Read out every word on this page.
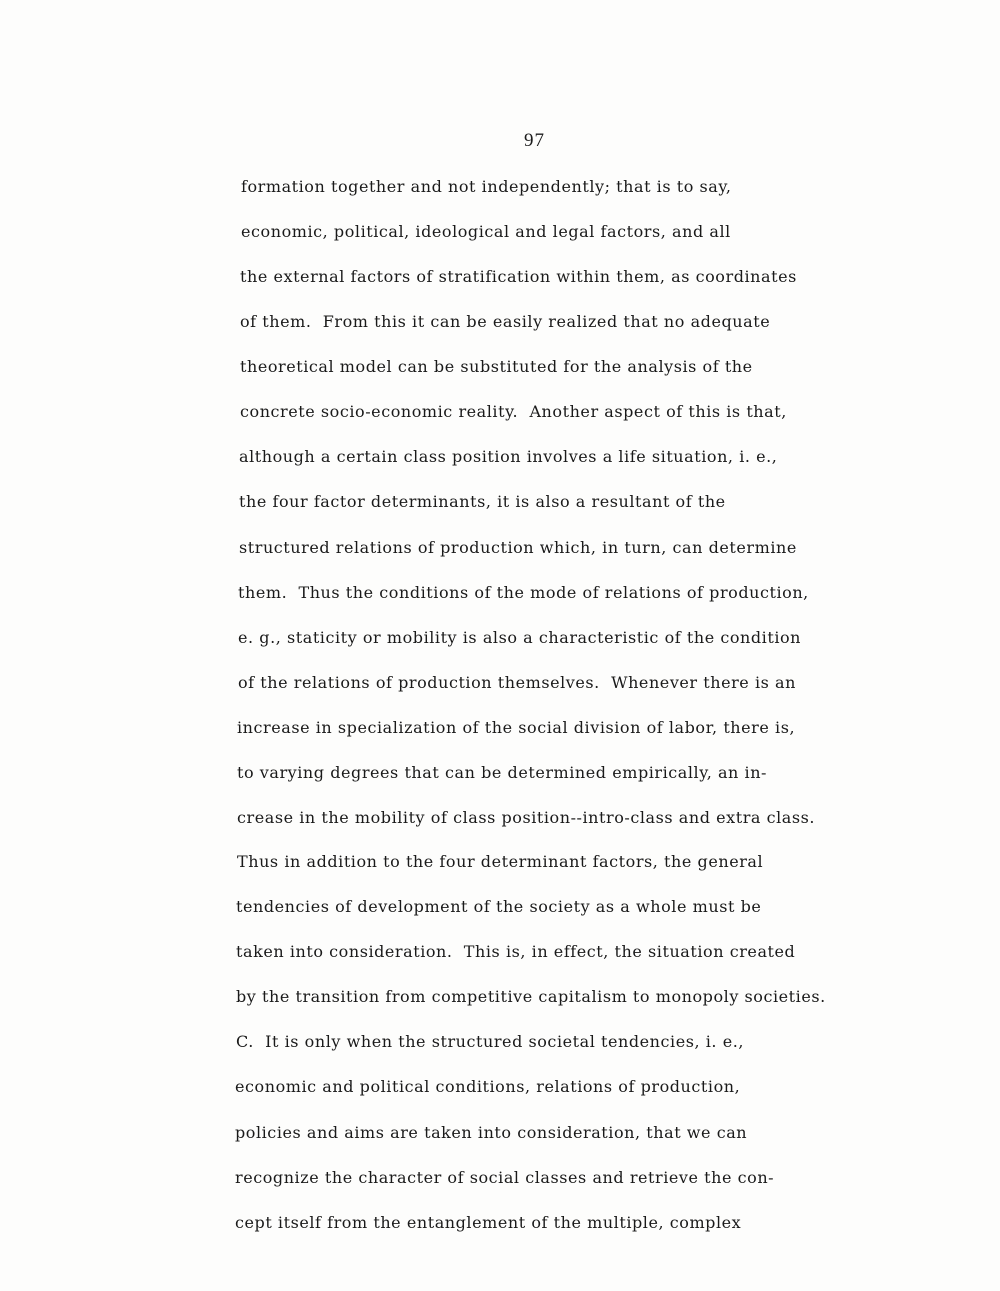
97
formation together and not independently; that is to say,
economic, political, ideological and legal factors, and all
the external factors of stratification within them, as coordinates
of them.  From this it can be easily realized that no adequate
theoretical model can be substituted for the analysis of the
concrete socio-economic reality.  Another aspect of this is that,
although a certain class position involves a life situation, i. e.,
the four factor determinants, it is also a resultant of the
structured relations of production which, in turn, can determine
them.  Thus the conditions of the mode of relations of production,
e. g., staticity or mobility is also a characteristic of the condition
of the relations of production themselves.  Whenever there is an
increase in specialization of the social division of labor, there is,
to varying degrees that can be determined empirically, an in-
crease in the mobility of class position--intro-class and extra class.
Thus in addition to the four determinant factors, the general
tendencies of development of the society as a whole must be
taken into consideration.  This is, in effect, the situation created
by the transition from competitive capitalism to monopoly societies.
C.  It is only when the structured societal tendencies, i. e.,
economic and political conditions, relations of production,
policies and aims are taken into consideration, that we can
recognize the character of social classes and retrieve the con-
cept itself from the entanglement of the multiple, complex
